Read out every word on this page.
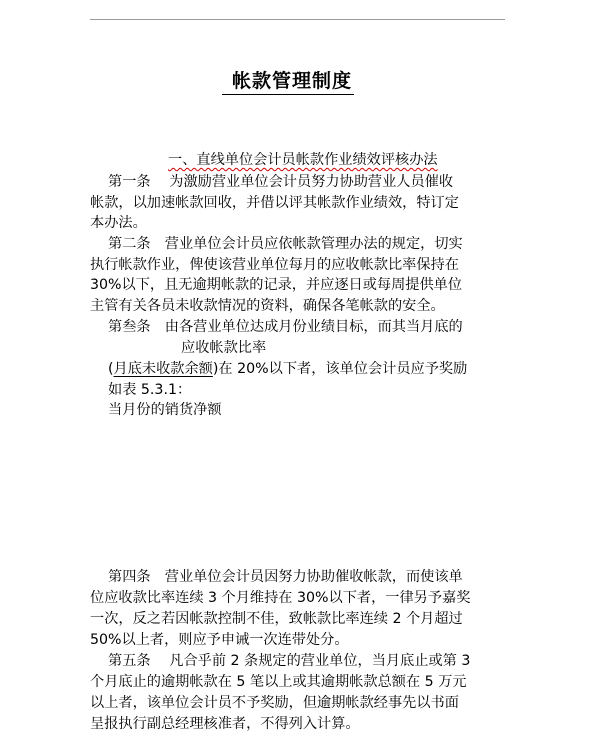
帐款管理制度
一、直线单位会计员帐款作业绩效评核办法
第一条　 为激励营业单位会计员努力协助营业人员催收
帐款，以加速帐款回收，并借以评其帐款作业绩效，特订定
本办法。
第二条　营业单位会计员应依帐款管理办法的规定，切实
执行帐款作业，俾使该营业单位每月的应收帐款比率保持在
30%以下，且无逾期帐款的记录，并应逐日或每周提供单位
主管有关各员未收款情况的资料，确保各笔帐款的安全。
第叁条　由各营业单位达成月份业绩目标，而其当月底的
应收帐款比率
(月底未收款余额)在 20%以下者，该单位会计员应予奖励
如表 5.3.1：
当月份的销货净额
第四条　营业单位会计员因努力协助催收帐款，而使该单
位应收款比率连续 3 个月维持在 30%以下者，一律另予嘉奖
一次，反之若因帐款控制不佳，致帐款比率连续 2 个月超过
50%以上者，则应予申诫一次连带处分。
第五条　 凡合乎前 2 条规定的营业单位，当月底止或第 3
个月底止的逾期帐款在 5 笔以上或其逾期帐款总额在 5 万元
以上者，该单位会计员不予奖励，但逾期帐款经事先以书面
呈报执行副总经理核准者，不得列入计算。
